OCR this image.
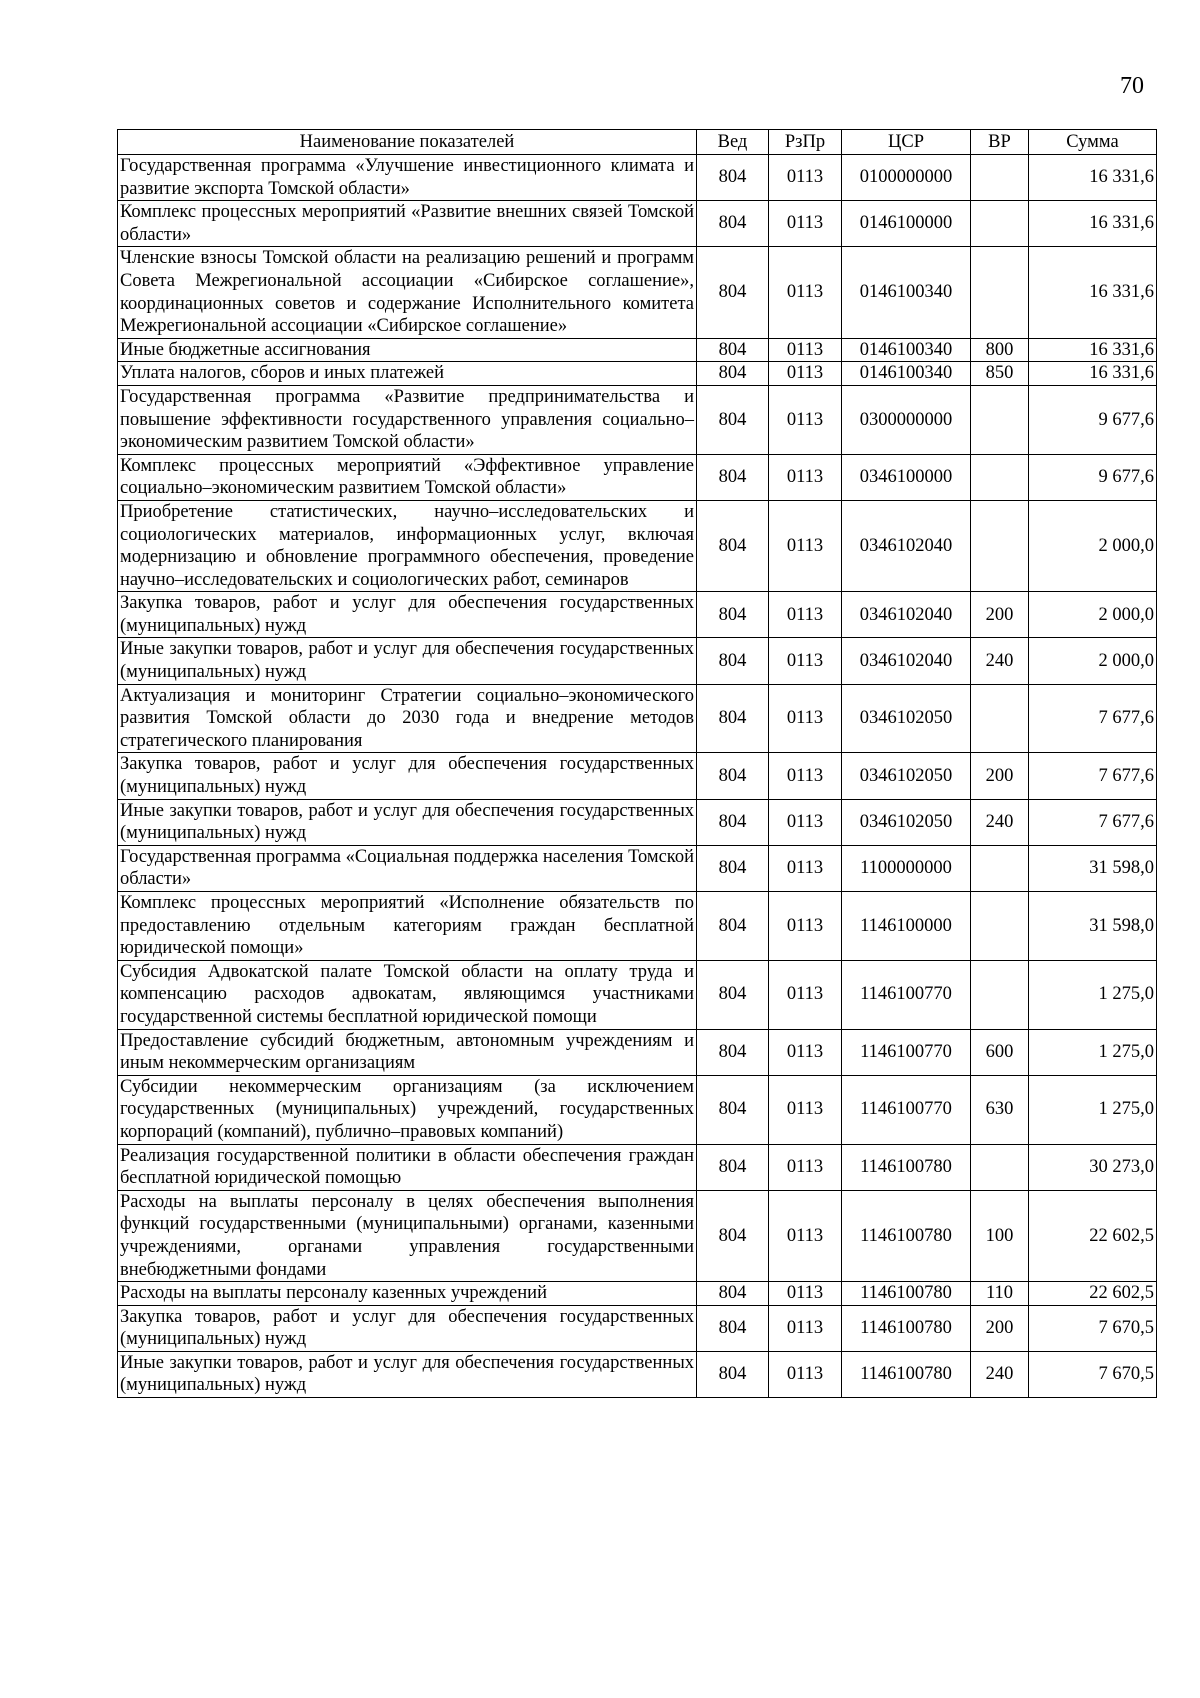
70
Наименование показателей	Вед	РзПр	ЦСР	ВР	Сумма
Государственная программа «Улучшение инвестиционного климата и развитие экспорта Томской области»	804	0113	0100000000		16 331,6
Комплекс процессных мероприятий «Развитие внешних связей Томской области»	804	0113	0146100000		16 331,6
Членские взносы Томской области на реализацию решений и программ Совета Межрегиональной ассоциации «Сибирское соглашение», координационных советов и содержание Исполнительного комитета Межрегиональной ассоциации «Сибирское соглашение»	804	0113	0146100340		16 331,6
Иные бюджетные ассигнования	804	0113	0146100340	800	16 331,6
Уплата налогов, сборов и иных платежей	804	0113	0146100340	850	16 331,6
Государственная программа «Развитие предпринимательства и повышение эффективности государственного управления социально–экономическим развитием Томской области»	804	0113	0300000000		9 677,6
Комплекс процессных мероприятий «Эффективное управление социально–экономическим развитием Томской области»	804	0113	0346100000		9 677,6
Приобретение статистических, научно–исследовательских и социологических материалов, информационных услуг, включая модернизацию и обновление программного обеспечения, проведение научно–исследовательских и социологических работ, семинаров	804	0113	0346102040		2 000,0
Закупка товаров, работ и услуг для обеспечения государственных (муниципальных) нужд	804	0113	0346102040	200	2 000,0
Иные закупки товаров, работ и услуг для обеспечения государственных (муниципальных) нужд	804	0113	0346102040	240	2 000,0
Актуализация и мониторинг Стратегии социально–экономического развития Томской области до 2030 года и внедрение методов стратегического планирования	804	0113	0346102050		7 677,6
Закупка товаров, работ и услуг для обеспечения государственных (муниципальных) нужд	804	0113	0346102050	200	7 677,6
Иные закупки товаров, работ и услуг для обеспечения государственных (муниципальных) нужд	804	0113	0346102050	240	7 677,6
Государственная программа «Социальная поддержка населения Томской области»	804	0113	1100000000		31 598,0
Комплекс процессных мероприятий «Исполнение обязательств по предоставлению отдельным категориям граждан бесплатной юридической помощи»	804	0113	1146100000		31 598,0
Субсидия Адвокатской палате Томской области на оплату труда и компенсацию расходов адвокатам, являющимся участниками государственной системы бесплатной юридической помощи	804	0113	1146100770		1 275,0
Предоставление субсидий бюджетным, автономным учреждениям и иным некоммерческим организациям	804	0113	1146100770	600	1 275,0
Субсидии некоммерческим организациям (за исключением государственных (муниципальных) учреждений, государственных корпораций (компаний), публично–правовых компаний)	804	0113	1146100770	630	1 275,0
Реализация государственной политики в области обеспечения граждан бесплатной юридической помощью	804	0113	1146100780		30 273,0
Расходы на выплаты персоналу в целях обеспечения выполнения функций государственными (муниципальными) органами, казенными учреждениями, органами управления государственными внебюджетными фондами	804	0113	1146100780	100	22 602,5
Расходы на выплаты персоналу казенных учреждений	804	0113	1146100780	110	22 602,5
Закупка товаров, работ и услуг для обеспечения государственных (муниципальных) нужд	804	0113	1146100780	200	7 670,5
Иные закупки товаров, работ и услуг для обеспечения государственных (муниципальных) нужд	804	0113	1146100780	240	7 670,5
